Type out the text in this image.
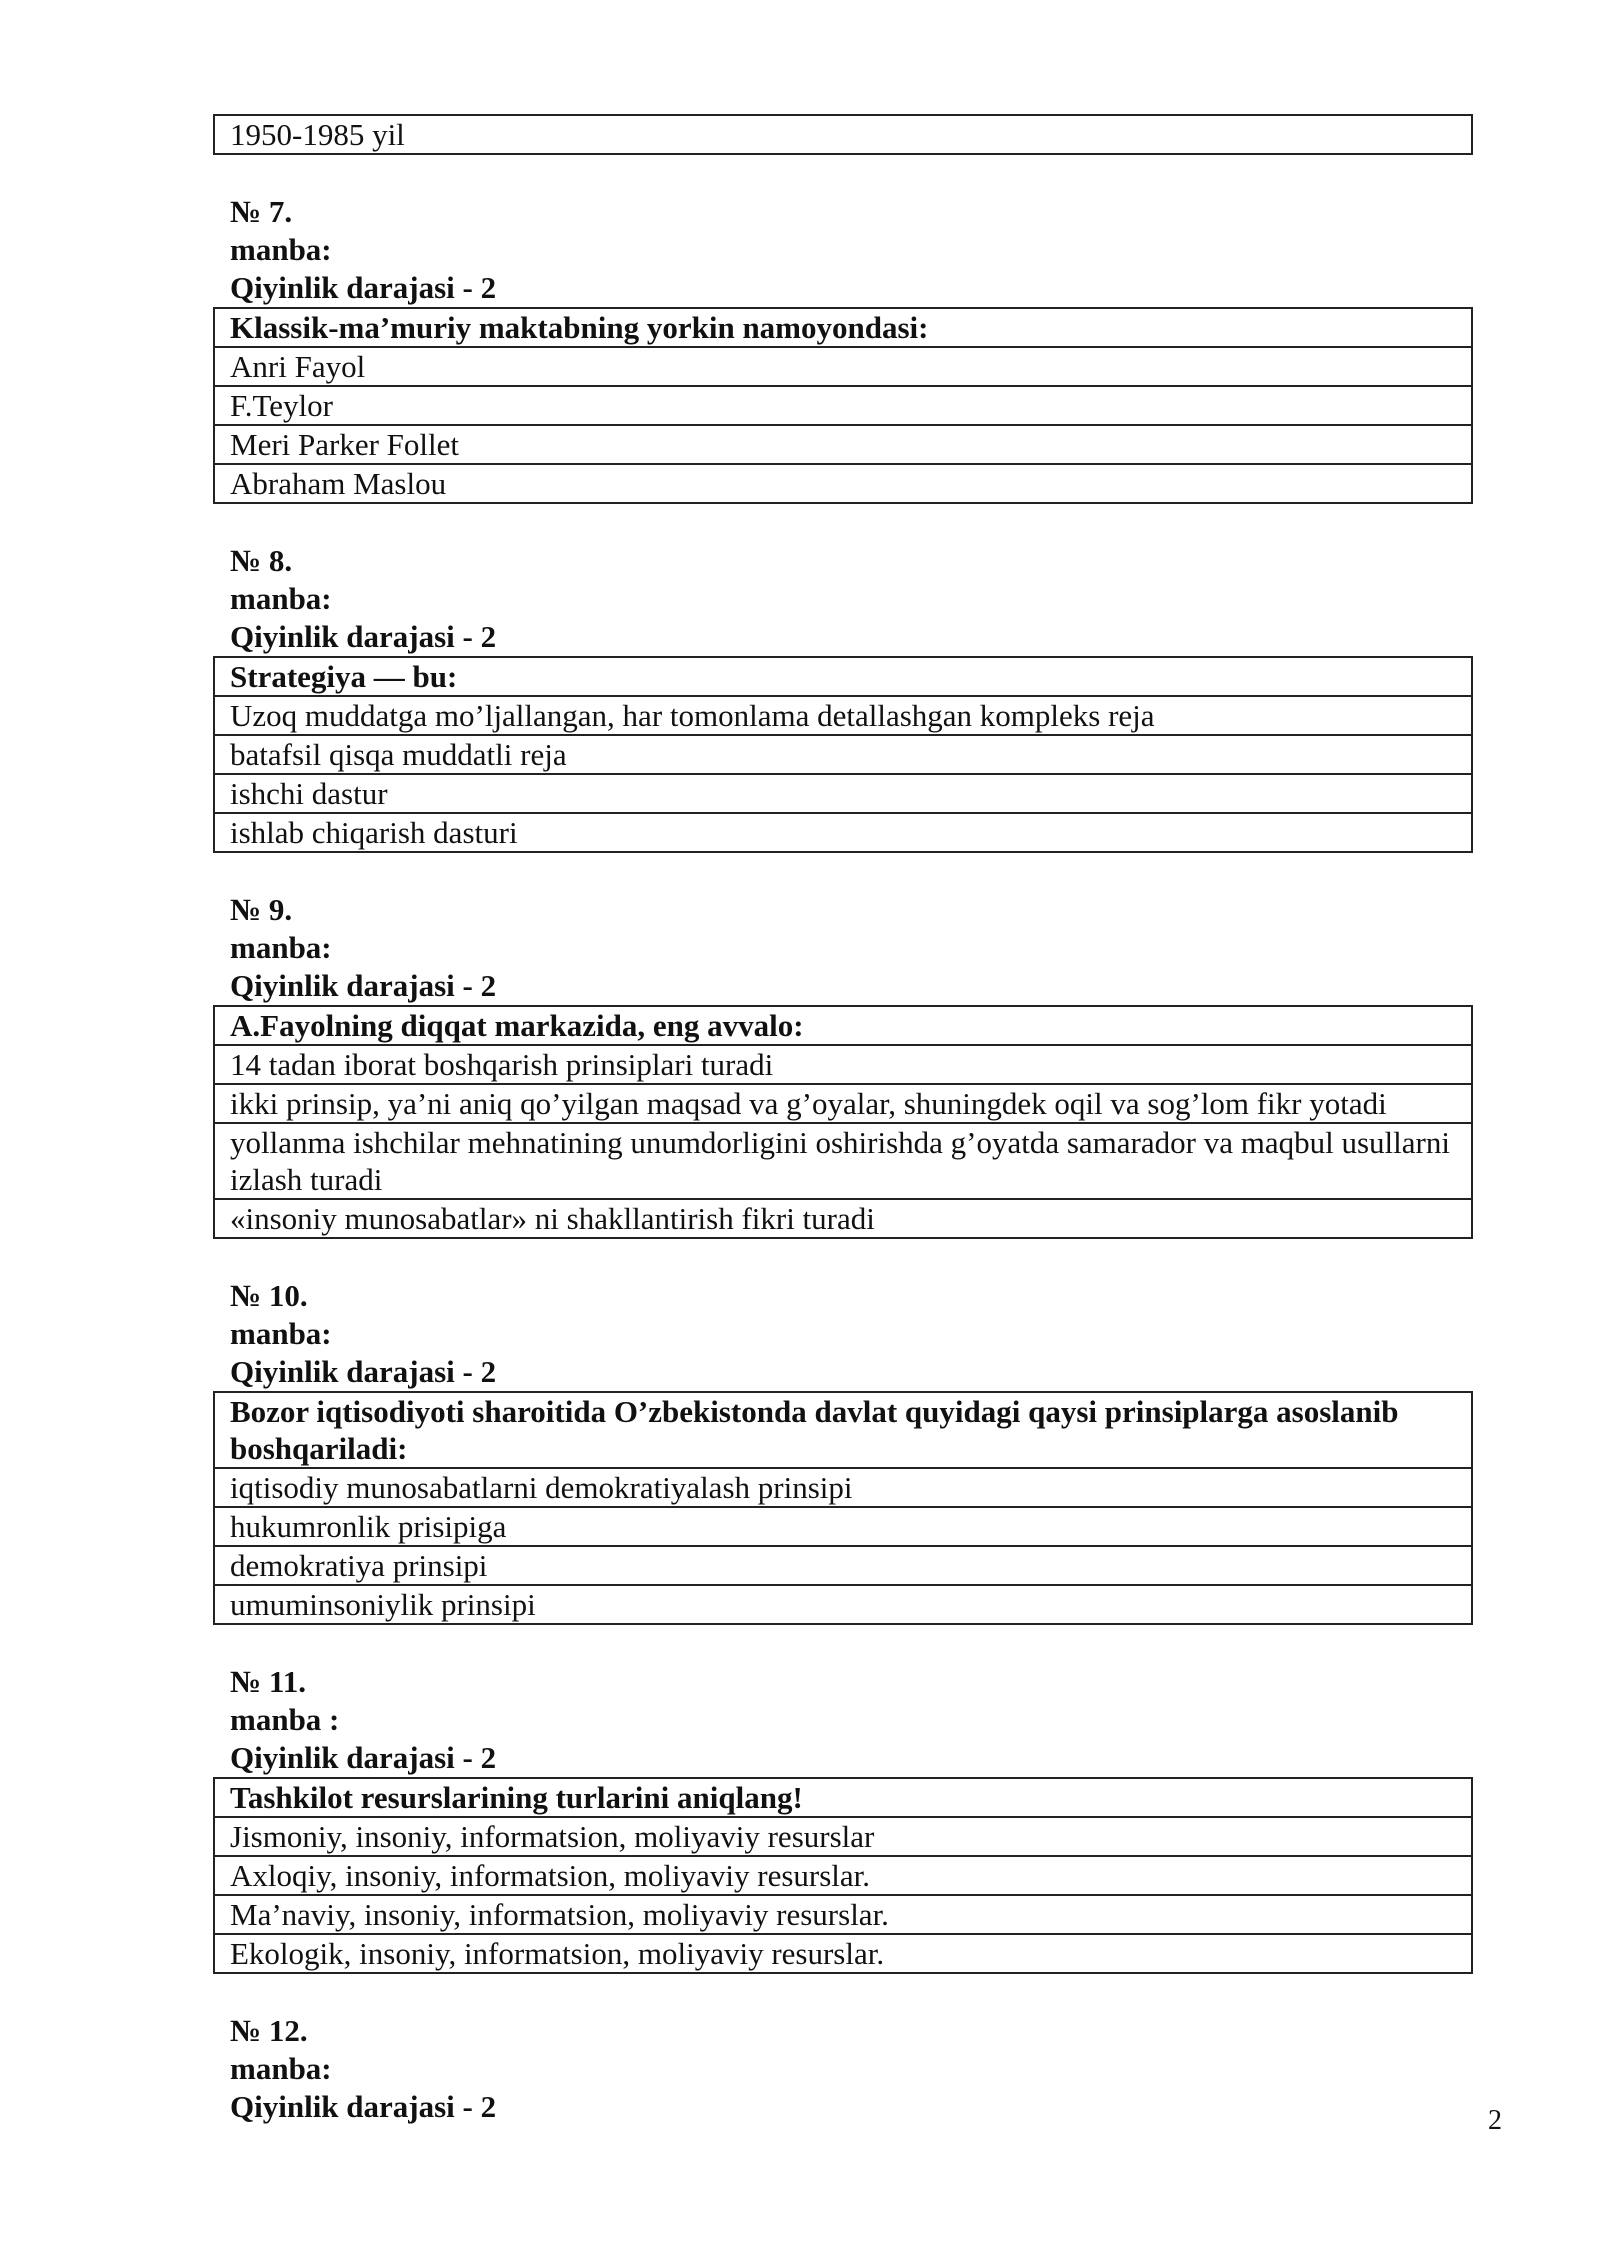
1950-1985 yil
№ 7.
manba:
Qiyinlik darajasi - 2
Klassik-ma’muriy maktabning yorkin namoyondasi:
Anri Fayol
F.Teylor
Meri Parker Follet
Abraham Maslou
№ 8.
manba:
Qiyinlik darajasi - 2
Strategiya — bu:
Uzoq muddatga mo’ljallangan, har tomonlama detallashgan kompleks reja
batafsil qisqa muddatli reja
ishchi dastur
ishlab chiqarish dasturi
№ 9.
manba:
Qiyinlik darajasi - 2
A.Fayolning diqqat markazida, eng avvalo:
14 tadan iborat boshqarish prinsiplari turadi
ikki prinsip, ya’ni aniq qo’yilgan maqsad va g’oyalar, shuningdek oqil va sog’lom fikr yotadi
yollanma ishchilar mehnatining unumdorligini oshirishda g’oyatda samarador va maqbul usullarni izlash turadi
«insoniy munosabatlar» ni shakllantirish fikri turadi
№ 10.
manba:
Qiyinlik darajasi - 2
Bozor iqtisodiyoti sharoitida O’zbekistonda davlat quyidagi qaysi prinsiplarga asoslanib boshqariladi:
iqtisodiy munosabatlarni demokratiyalash prinsipi
hukumronlik prisipiga
demokratiya prinsipi
umuminsoniylik prinsipi
№ 11.
manba :
Qiyinlik darajasi - 2
Tashkilot resurslarining turlarini aniqlang!
Jismoniy, insoniy, informatsion, moliyaviy resurslar
Axloqiy, insoniy, informatsion, moliyaviy resurslar.
Ma’naviy, insoniy, informatsion, moliyaviy resurslar.
Ekologik, insoniy, informatsion, moliyaviy resurslar.
№ 12.
manba:
Qiyinlik darajasi - 2	2
